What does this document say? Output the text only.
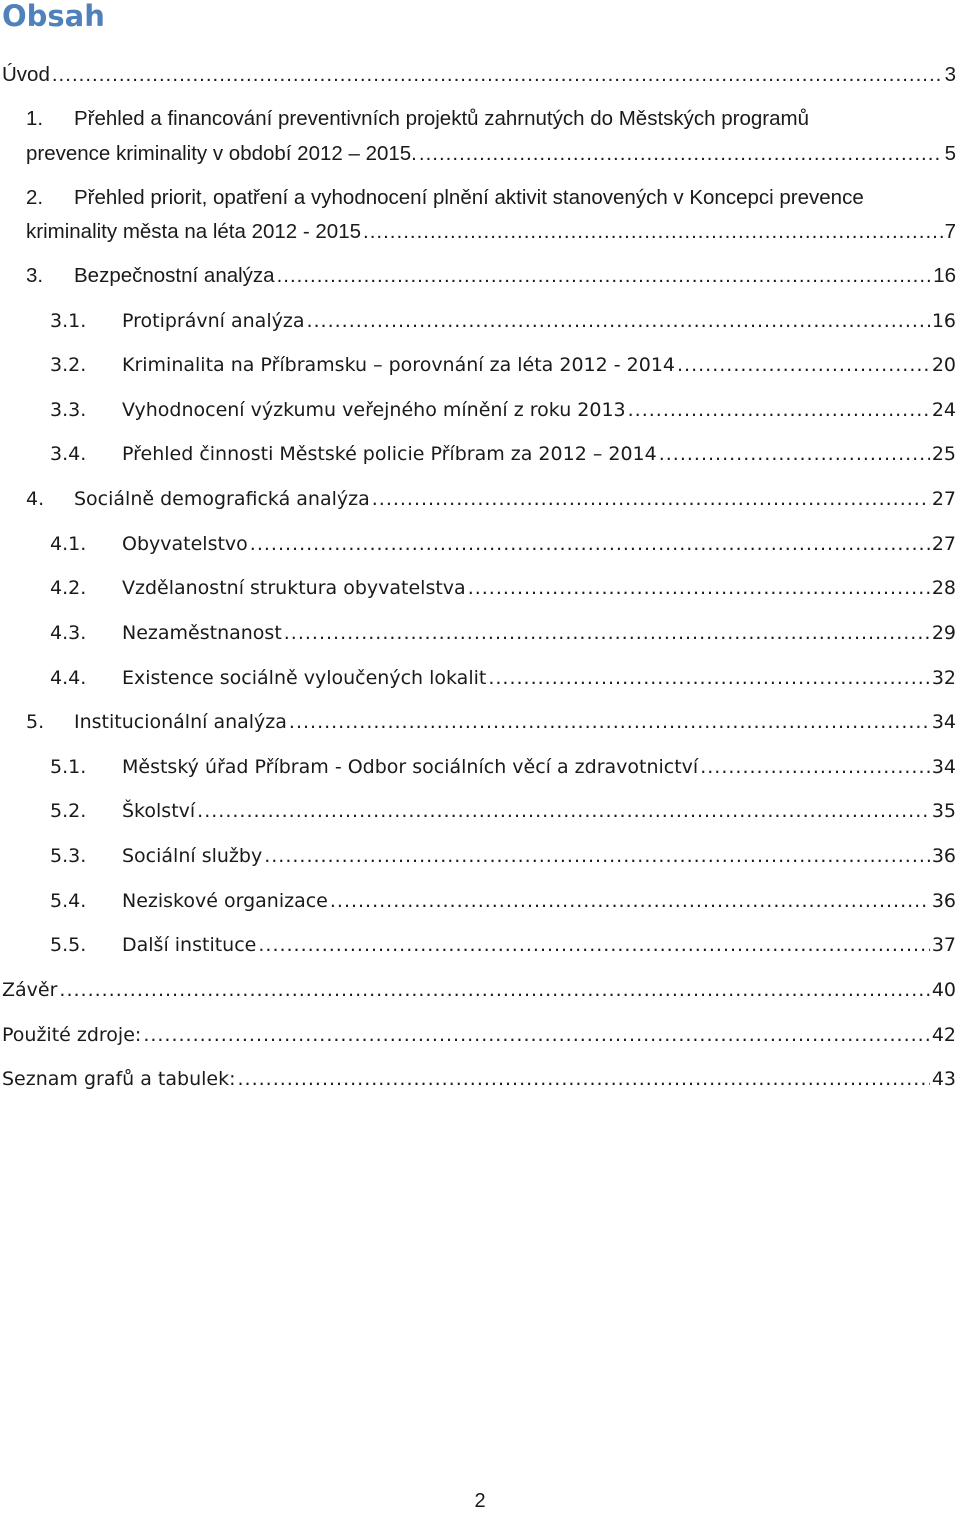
Obsah
Úvod .....	3
1. Přehled a financování preventivních projektů zahrnutých do Městských programů
prevence kriminality v období 2012 – 2015. .....	5
2. Přehled priorit, opatření a vyhodnocení plnění aktivit stanovených v Koncepci prevence
kriminality města na léta 2012 - 2015 .....	7
3.	Bezpečnostní analýza .....	16
3.1.	Protiprávní analýza .....	16
3.2.	Kriminalita na Příbramsku – porovnání za léta 2012 - 2014 .....	20
3.3.	Vyhodnocení výzkumu veřejného mínění z roku 2013 .....	24
3.4.	Přehled činnosti Městské policie Příbram za 2012 – 2014 .....	25
4.	Sociálně demografická analýza .....	27
4.1.	Obyvatelstvo .....	27
4.2.	Vzdělanostní struktura obyvatelstva .....	28
4.3.	Nezaměstnanost .....	29
4.4.	Existence sociálně vyloučených lokalit .....	32
5.	Institucionální analýza .....	34
5.1.	Městský úřad Příbram - Odbor sociálních věcí a zdravotnictví .....	34
5.2.	Školství .....	35
5.3.	Sociální služby .....	36
5.4.	Neziskové organizace .....	36
5.5.	Další instituce .....	37
Závěr .....	40
Použité zdroje: .....	42
Seznam grafů a tabulek: .....	43
2
